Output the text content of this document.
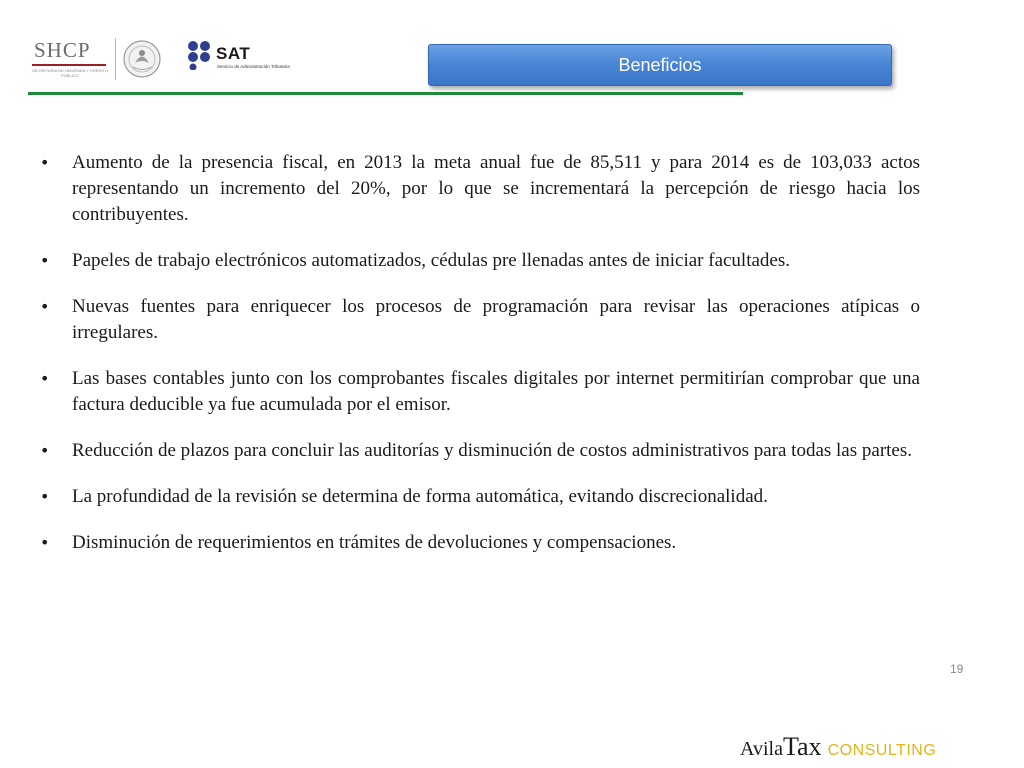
SHCP
SECRETARÍA DE HACIENDA Y CRÉDITO PÚBLICO
SAT
Servicio de Administración Tributaria	Beneficios
• Aumento de la presencia fiscal, en 2013 la meta anual fue de 85,511 y para 2014 es de 103,033 actos representando un incremento del 20%, por lo que se incrementará la percepción de riesgo hacia los contribuyentes.
• Papeles de trabajo electrónicos automatizados, cédulas pre llenadas antes de iniciar facultades.
• Nuevas fuentes para enriquecer los procesos de programación para revisar las operaciones atípicas o irregulares.
• Las bases contables junto con los comprobantes fiscales digitales por internet permitirían comprobar que una factura deducible ya fue acumulada por el emisor.
• Reducción de plazos para concluir las auditorías y disminución de costos administrativos para todas las partes.
• La profundidad de la revisión se determina de forma automática, evitando discrecionalidad.
• Disminución de requerimientos en trámites de devoluciones y compensaciones.
19
AvilaTax CONSULTING
